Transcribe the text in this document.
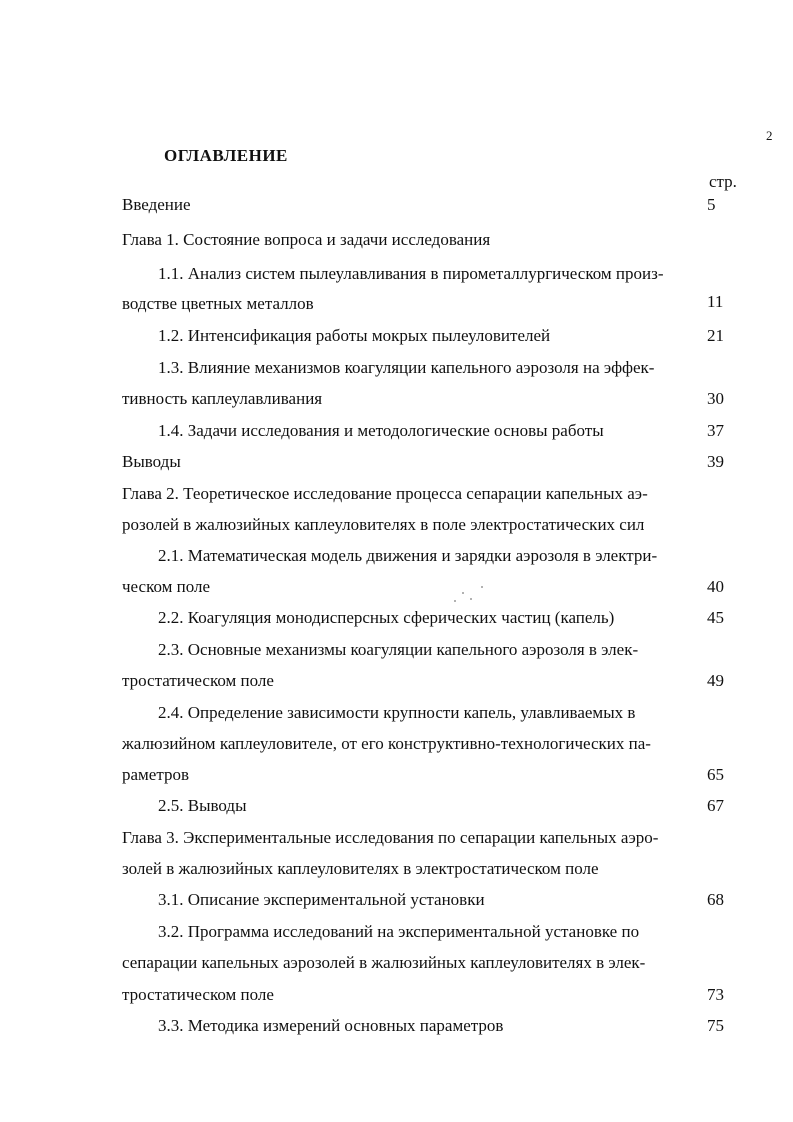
2
ОГЛАВЛЕНИЕ
стр.
Введение	5
Глава 1. Состояние вопроса и задачи исследования
1.1. Анализ систем пылеулавливания в пирометаллургическом произ-
водстве цветных металлов	11
1.2. Интенсификация работы мокрых пылеуловителей	21
1.3. Влияние механизмов коагуляции капельного аэрозоля на эффек-
тивность каплеулавливания	30
1.4. Задачи исследования и методологические основы работы	37
Выводы	39
Глава 2. Теоретическое исследование процесса сепарации капельных аэ-
розолей в жалюзийных каплеуловителях в поле электростатических сил
2.1. Математическая модель движения и зарядки аэрозоля в электри-
ческом поле	40
2.2. Коагуляция монодисперсных сферических частиц (капель)	45
2.3. Основные механизмы коагуляции капельного аэрозоля в элек-
тростатическом поле	49
2.4. Определение зависимости крупности капель, улавливаемых в
жалюзийном каплеуловителе, от его конструктивно-технологических па-
раметров	65
2.5. Выводы	67
Глава 3. Экспериментальные исследования по сепарации капельных аэро-
золей в жалюзийных каплеуловителях в электростатическом поле
3.1. Описание экспериментальной установки	68
3.2. Программа исследований на экспериментальной установке по
сепарации капельных аэрозолей в жалюзийных каплеуловителях в элек-
тростатическом поле	73
3.3. Методика измерений основных параметров	75
